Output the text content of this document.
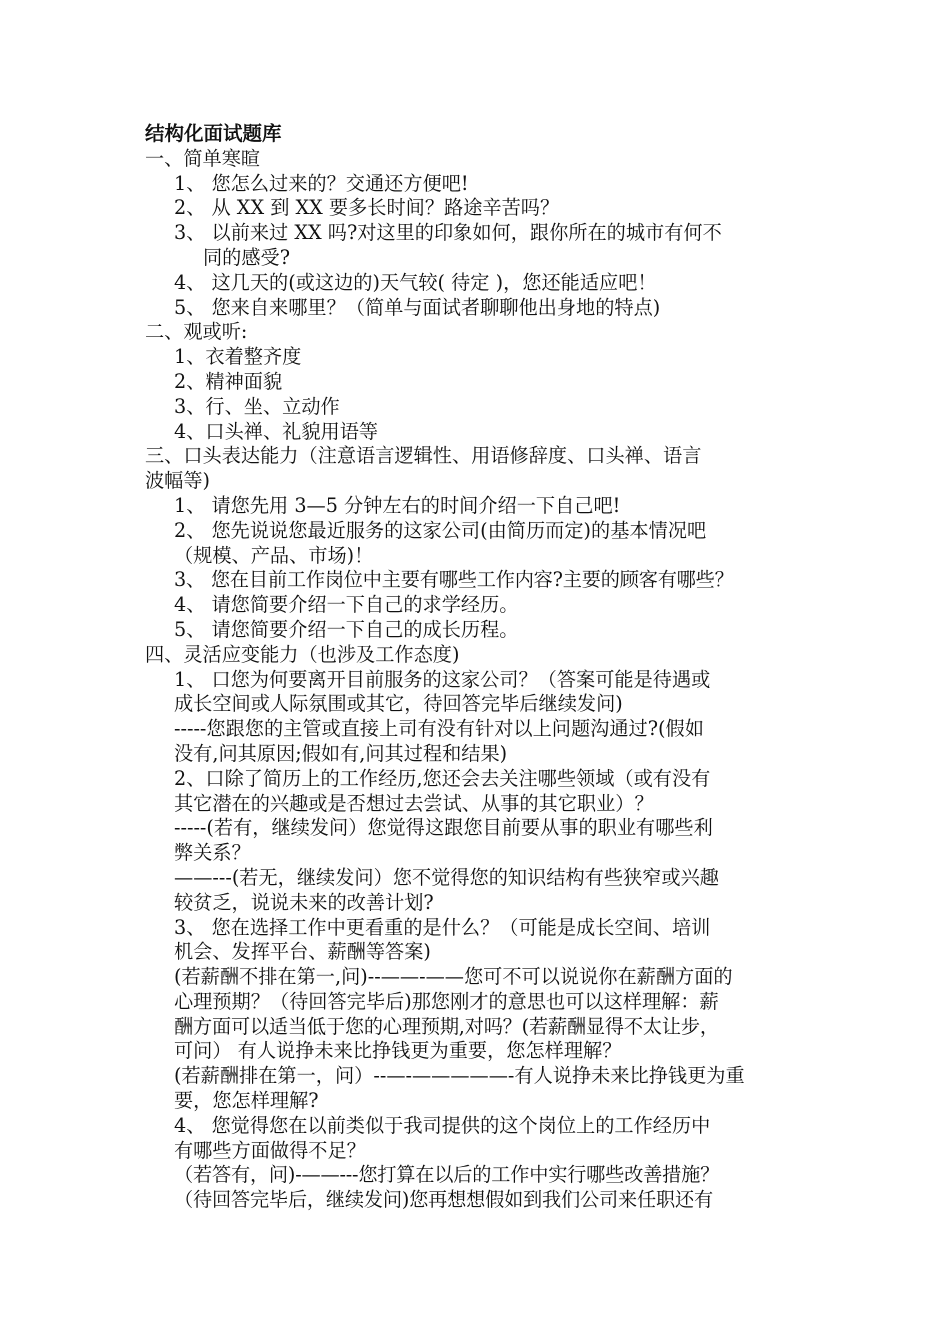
结构化面试题库
一、简单寒暄
1、 您怎么过来的？交通还方便吧!
2、 从 XX 到 XX 要多长时间？路途辛苦吗？
3、 以前来过 XX 吗?对这里的印象如何，跟你所在的城市有何不
同的感受?
4、 这几天的(或这边的)天气较( 待定 )，您还能适应吧！
5、 您来自来哪里？（简单与面试者聊聊他出身地的特点)
二、观或听:
1、衣着整齐度
2、精神面貌
3、行、坐、立动作
4、口头禅、礼貌用语等
三、口头表达能力（注意语言逻辑性、用语修辞度、口头禅、语言
波幅等)
1、 请您先用 3—5 分钟左右的时间介绍一下自己吧!
2、 您先说说您最近服务的这家公司(由简历而定)的基本情况吧
（规模、产品、市场)！
3、 您在目前工作岗位中主要有哪些工作内容?主要的顾客有哪些？
4、 请您简要介绍一下自己的求学经历。
5、 请您简要介绍一下自己的成长历程。
四、灵活应变能力（也涉及工作态度)
1、 口您为何要离开目前服务的这家公司？（答案可能是待遇或
成长空间或人际氛围或其它，待回答完毕后继续发问)
-----您跟您的主管或直接上司有没有针对以上问题沟通过?(假如
没有,问其原因;假如有,问其过程和结果)
2、口除了简历上的工作经历,您还会去关注哪些领域（或有没有
其它潜在的兴趣或是否想过去尝试、从事的其它职业）？
-----(若有，继续发问）您觉得这跟您目前要从事的职业有哪些利
弊关系？
——---(若无，继续发问）您不觉得您的知识结构有些狭窄或兴趣
较贫乏，说说未来的改善计划?
3、 您在选择工作中更看重的是什么？（可能是成长空间、培训
机会、发挥平台、薪酬等答案)
(若薪酬不排在第一,问)--——-——您可不可以说说你在薪酬方面的
心理预期？（待回答完毕后)那您刚才的意思也可以这样理解：薪
酬方面可以适当低于您的心理预期,对吗？(若薪酬显得不太让步，
可问） 有人说挣未来比挣钱更为重要，您怎样理解？
(若薪酬排在第一，问）--—-—————-有人说挣未来比挣钱更为重
要，您怎样理解?
4、 您觉得您在以前类似于我司提供的这个岗位上的工作经历中
有哪些方面做得不足？
（若答有，问)-——---您打算在以后的工作中实行哪些改善措施？
（待回答完毕后，继续发问)您再想想假如到我们公司来任职还有
